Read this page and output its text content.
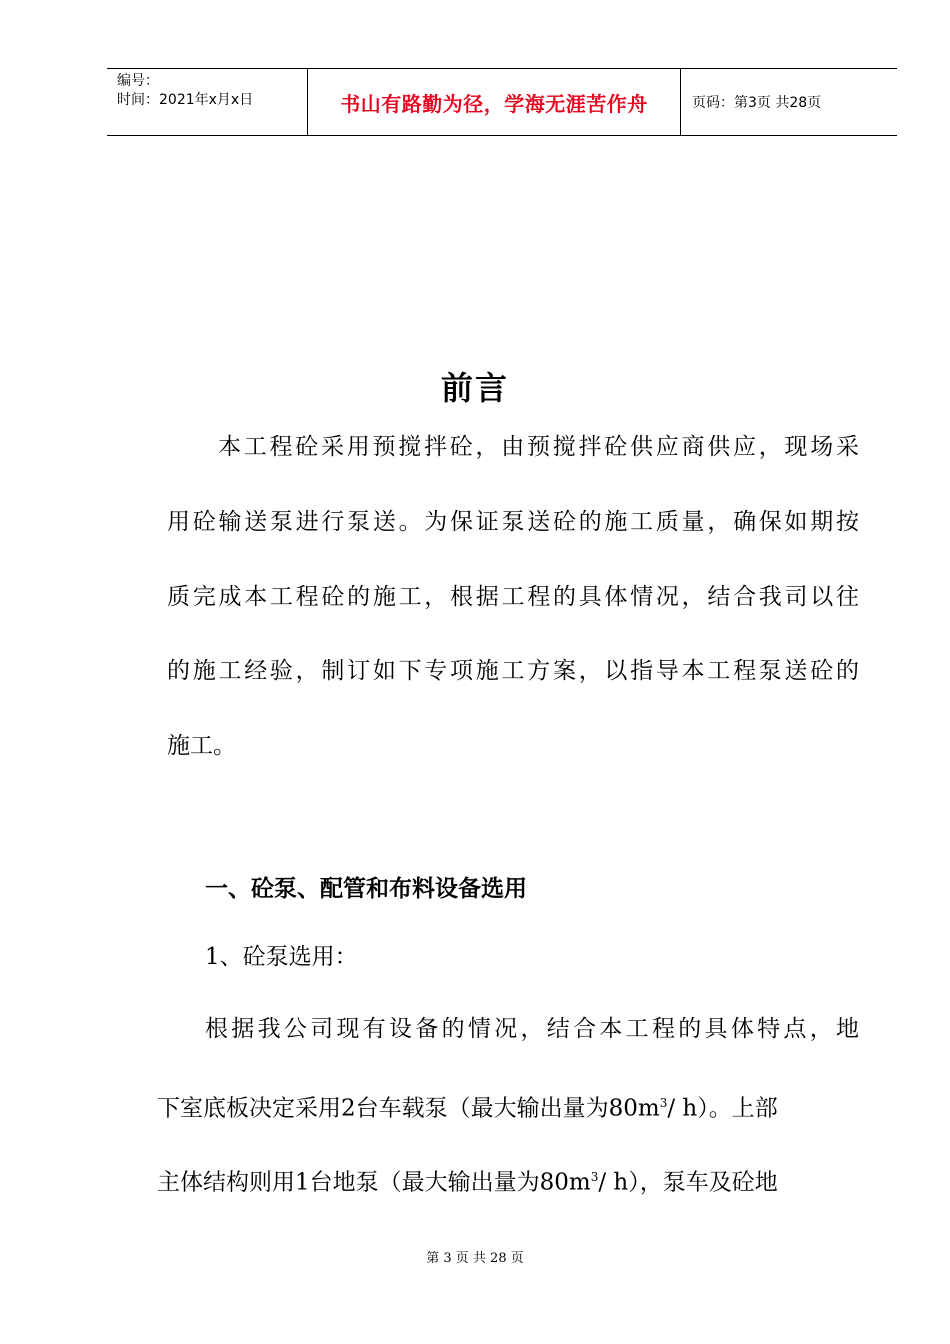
编号：
时间：2021年x月x日	书山有路勤为径，学海无涯苦作舟	页码：第3页 共28页
前言
本工程砼采用预搅拌砼，由预搅拌砼供应商供应，现场采
用砼输送泵进行泵送。为保证泵送砼的施工质量，确保如期按
质完成本工程砼的施工，根据工程的具体情况，结合我司以往
的施工经验，制订如下专项施工方案，以指导本工程泵送砼的
施工。
一、砼泵、配管和布料设备选用
1、砼泵选用：
根据我公司现有设备的情况，结合本工程的具体特点，地
下室底板决定采用2台车载泵（最大输出量为$80m^3/$ h）。上部
主体结构则用1台地泵（最大输出量为$80m^3/$ h），泵车及砼地
第 3 页 共 28 页
